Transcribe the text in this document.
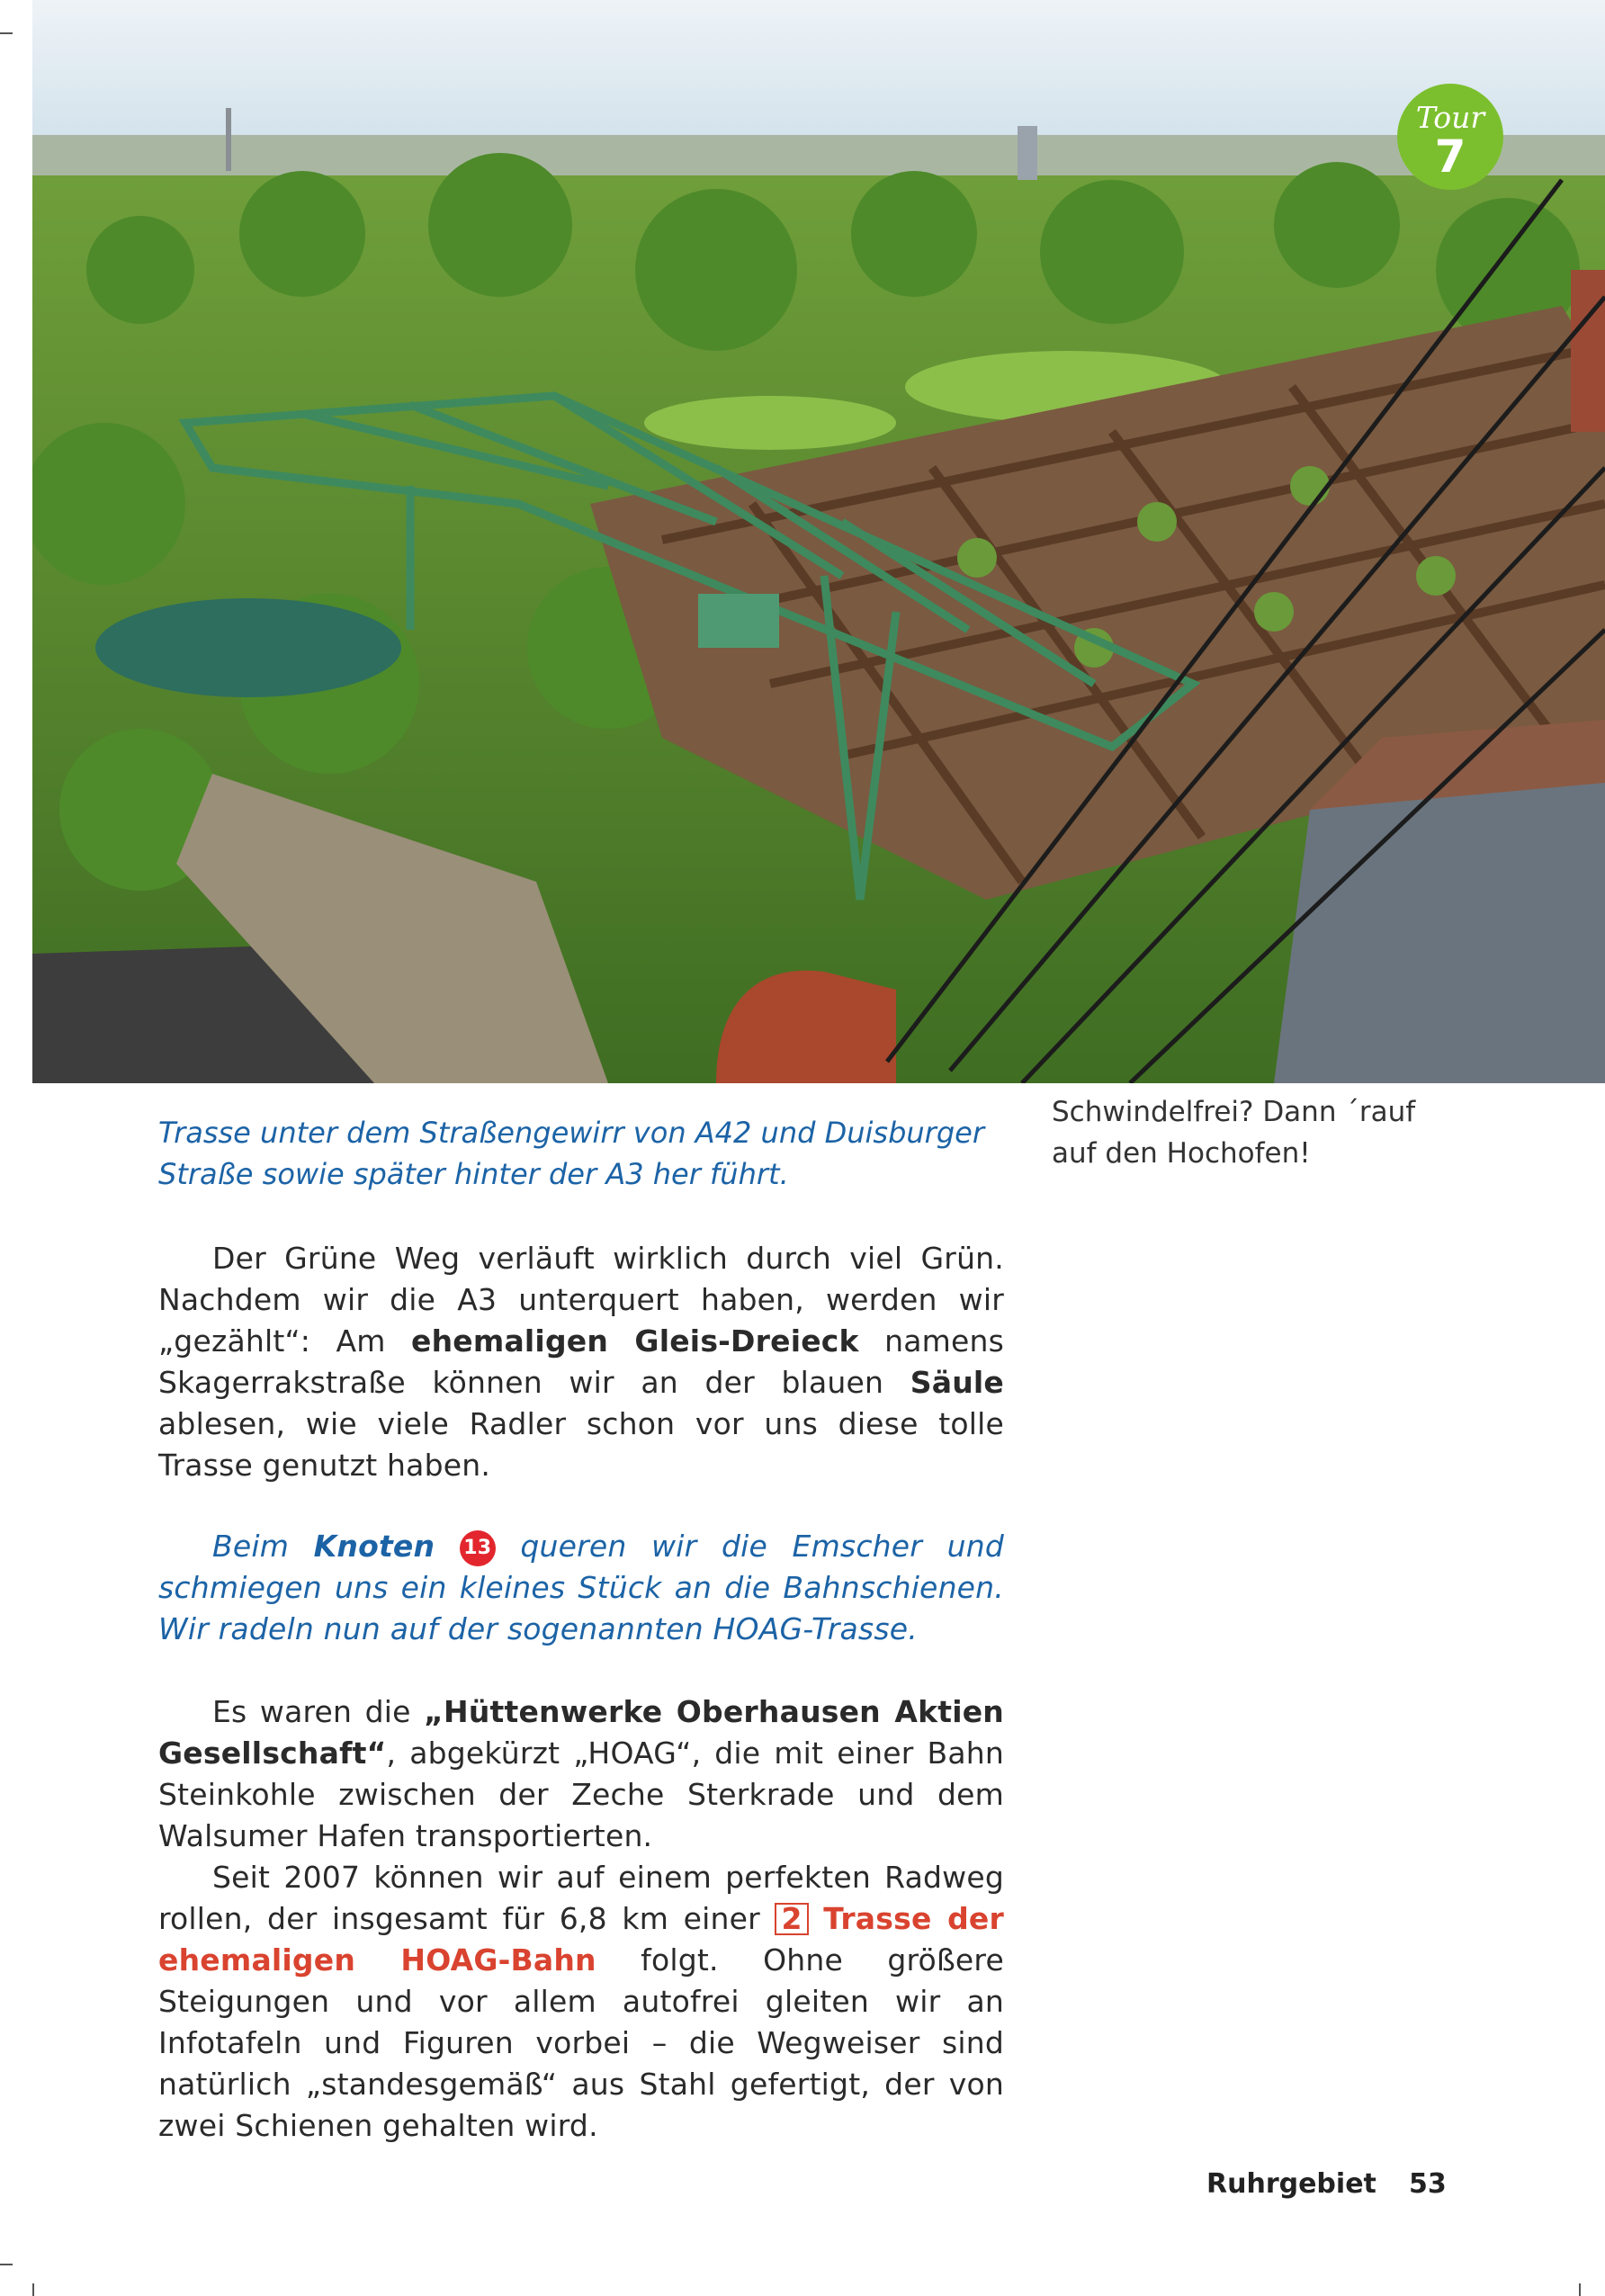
Tour
7
Trasse unter dem Straßengewirr von A42 und Duisburger Straße sowie später hinter der A3 her führt.
Schwindelfrei? Dann ´rauf auf den Hochofen!
Der Grüne Weg verläuft wirklich durch viel Grün. Nachdem wir die A3 unterquert haben, werden wir „gezählt“: Am ehemaligen Gleis-Dreieck namens Skagerrakstraße können wir an der blauen Säule ablesen, wie viele Radler schon vor uns diese tolle Trasse genutzt haben.
Beim Knoten 13 queren wir die Emscher und schmiegen uns ein kleines Stück an die Bahnschienen. Wir radeln nun auf der sogenannten HOAG-Trasse.
Es waren die „Hüttenwerke Oberhausen Aktien Gesellschaft“, abgekürzt „HOAG“, die mit einer Bahn Steinkohle zwischen der Zeche Sterkrade und dem Walsumer Hafen transportierten.
Seit 2007 können wir auf einem perfekten Radweg rollen, der insgesamt für 6,8 km einer 2 Trasse der ehemaligen HOAG-Bahn folgt. Ohne größere Steigungen und vor allem autofrei gleiten wir an Infotafeln und Figuren vorbei – die Wegweiser sind natürlich „standesgemäß“ aus Stahl gefertigt, der von zwei Schienen gehalten wird.
Ruhrgebiet 53
